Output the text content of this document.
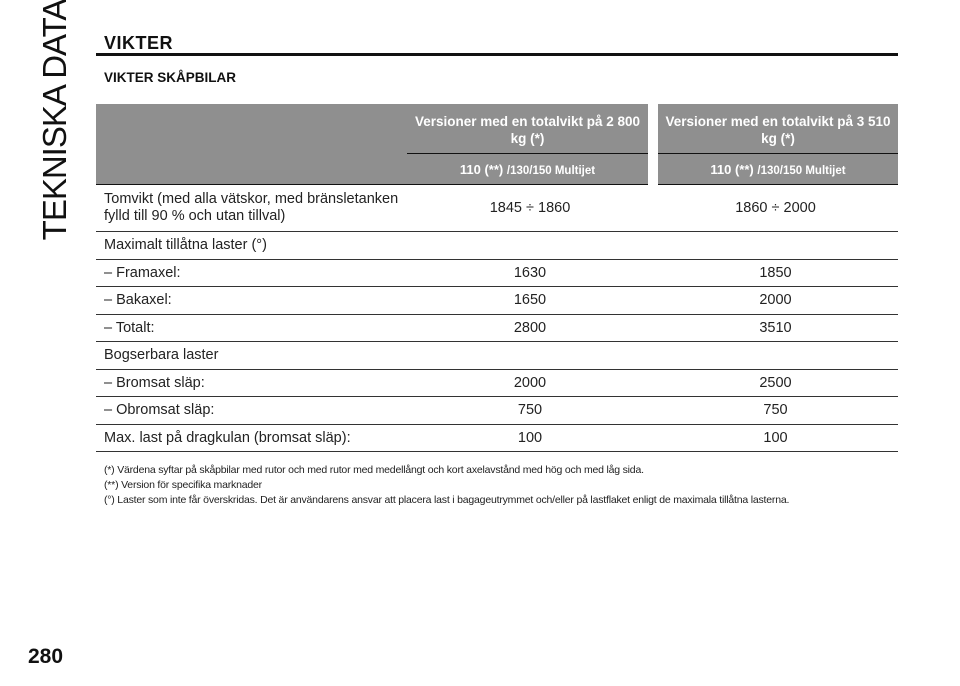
TEKNISKA DATA VIKTER
VIKTER SKÅPBILAR
	Versioner med en totalvikt på 2 800 kg (*)	Versioner med en totalvikt på 3 510 kg (*)
	110 (**) /130/150 Multijet	110 (**) /130/150 Multijet
Tomvikt (med alla vätskor, med bränsletanken fylld till 90 % och utan tillval)	1845 ÷ 1860	1860 ÷ 2000
Maximalt tillåtna laster (°)		
– Framaxel:	1630	1850
– Bakaxel:	1650	2000
– Totalt:	2800	3510
Bogserbara laster		
– Bromsat släp:	2000	2500
– Obromsat släp:	750	750
Max. last på dragkulan (bromsat släp):	100	100
(*) Värdena syftar på skåpbilar med rutor och med rutor med medellångt och kort axelavstånd med hög och med låg sida.
(**) Version för specifika marknader
(°) Laster som inte får överskridas. Det är användarens ansvar att placera last i bagageutrymmet och/eller på lastflaket enligt de maximala tillåtna lasterna.
280
